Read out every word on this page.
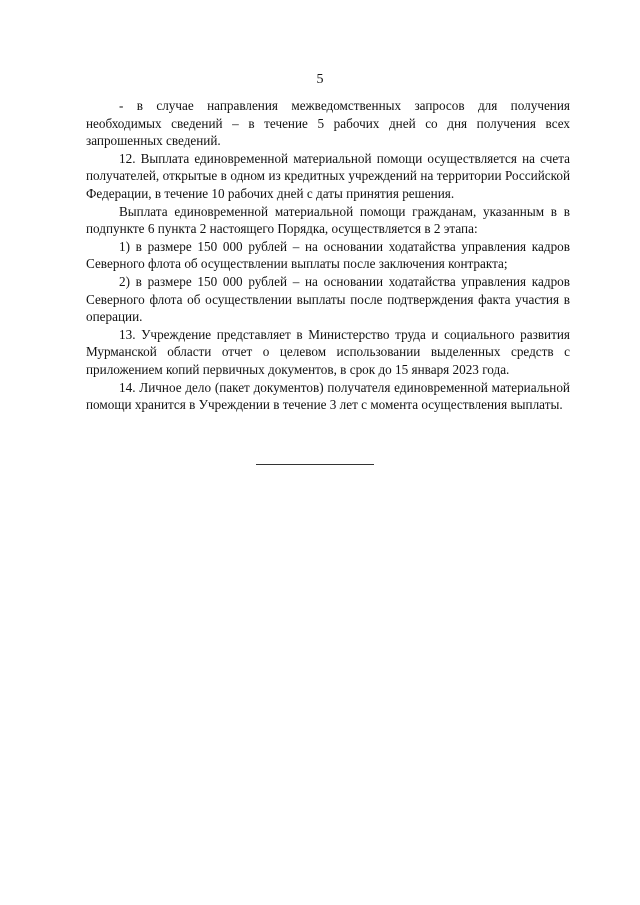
5

- в случае направления межведомственных запросов для получения необходимых сведений – в течение 5 рабочих дней со дня получения всех запрошенных сведений.

12. Выплата единовременной материальной помощи осуществляется на счета получателей, открытые в одном из кредитных учреждений на территории Российской Федерации, в течение 10 рабочих дней с даты принятия решения.

Выплата единовременной материальной помощи гражданам, указанным в в подпункте 6 пункта 2 настоящего Порядка, осуществляется в 2 этапа:

1) в размере 150 000 рублей – на основании ходатайства управления кадров Северного флота об осуществлении выплаты после заключения контракта;

2) в размере 150 000 рублей – на основании ходатайства управления кадров Северного флота об осуществлении выплаты после подтверждения факта участия в операции.

13. Учреждение представляет в Министерство труда и социального развития Мурманской области отчет о целевом использовании выделенных средств с приложением копий первичных документов, в срок до 15 января 2023 года.

14. Личное дело (пакет документов) получателя единовременной материальной помощи хранится в Учреждении в течение 3 лет с момента осуществления выплаты.
